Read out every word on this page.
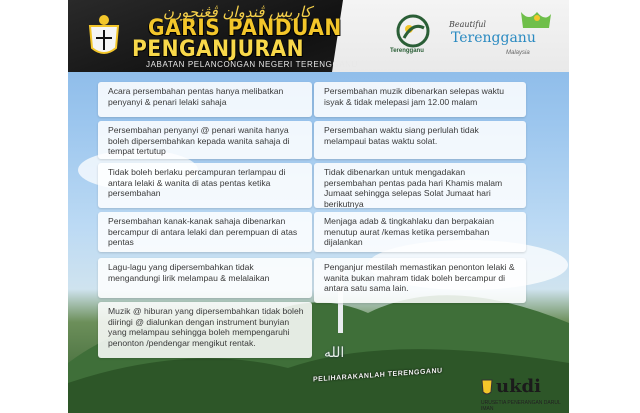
کاريس ڤندوان ڤڠنجورن
GARIS PANDUAN
PENGANJURAN
JABATAN PELANCONGAN NEGERI TERENGGANU
Terengganu
Beautiful
Terengganu
Malaysia
Acara persembahan pentas hanya melibatkan penyanyi & penari lelaki sahaja
Persembahan muzik dibenarkan selepas waktu isyak & tidak melepasi jam 12.00 malam
Persembahan penyanyi @ penari wanita hanya boleh dipersembahkan kepada wanita sahaja di tempat tertutup
Persembahan waktu siang perlulah tidak melampaui batas waktu solat.
Tidak boleh berlaku percampuran terlampau di antara lelaki & wanita di atas pentas ketika persembahan
Tidak dibenarkan untuk mengadakan persembahan pentas pada hari Khamis malam Jumaat sehingga selepas Solat Jumaat hari berikutnya
Persembahan kanak-kanak sahaja dibenarkan bercampur di antara lelaki dan perempuan di atas pentas
Menjaga adab & tingkahlaku dan berpakaian menutup aurat /kemas ketika persembahan dijalankan
Lagu-lagu yang dipersembahkan tidak mengandungi lirik melampau & melalaikan
Penganjur mestilah memastikan penonton lelaki & wanita bukan mahram tidak boleh bercampur di antara satu sama lain.
Muzik @ hiburan yang dipersembahkan tidak boleh diiringi @ dialunkan dengan instrument bunyian yang melampau sehingga boleh mempengaruhi penonton /pendengar mengikut rentak.
الله
PELIHARAKANLAH TERENGGANU
ukdi
URUSETIA PENERANGAN DARUL IMAN
